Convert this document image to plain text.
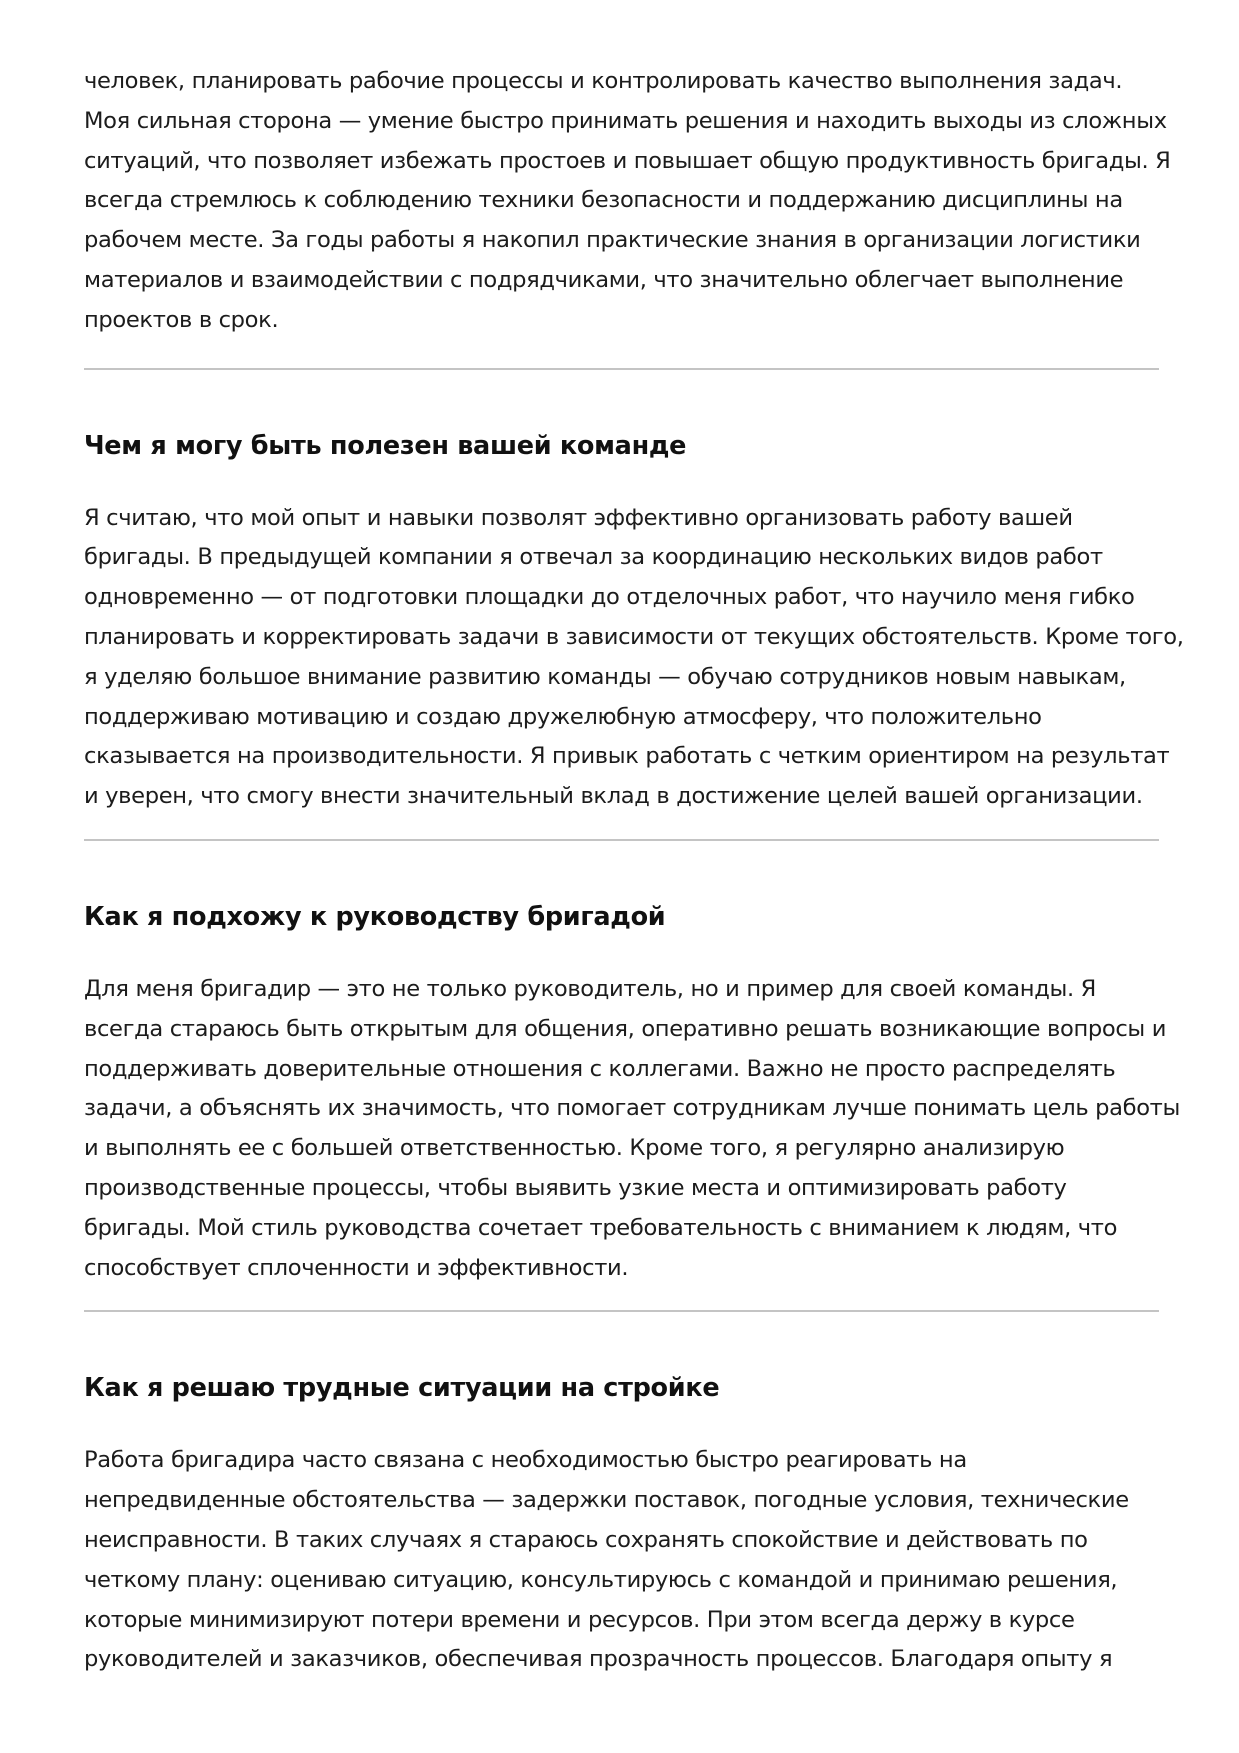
человек, планировать рабочие процессы и контролировать качество выполнения задач.
Моя сильная сторона — умение быстро принимать решения и находить выходы из сложных
ситуаций, что позволяет избежать простоев и повышает общую продуктивность бригады. Я
всегда стремлюсь к соблюдению техники безопасности и поддержанию дисциплины на
рабочем месте. За годы работы я накопил практические знания в организации логистики
материалов и взаимодействии с подрядчиками, что значительно облегчает выполнение
проектов в срок.
Чем я могу быть полезен вашей команде
Я считаю, что мой опыт и навыки позволят эффективно организовать работу вашей
бригады. В предыдущей компании я отвечал за координацию нескольких видов работ
одновременно — от подготовки площадки до отделочных работ, что научило меня гибко
планировать и корректировать задачи в зависимости от текущих обстоятельств. Кроме того,
я уделяю большое внимание развитию команды — обучаю сотрудников новым навыкам,
поддерживаю мотивацию и создаю дружелюбную атмосферу, что положительно
сказывается на производительности. Я привык работать с четким ориентиром на результат
и уверен, что смогу внести значительный вклад в достижение целей вашей организации.
Как я подхожу к руководству бригадой
Для меня бригадир — это не только руководитель, но и пример для своей команды. Я
всегда стараюсь быть открытым для общения, оперативно решать возникающие вопросы и
поддерживать доверительные отношения с коллегами. Важно не просто распределять
задачи, а объяснять их значимость, что помогает сотрудникам лучше понимать цель работы
и выполнять ее с большей ответственностью. Кроме того, я регулярно анализирую
производственные процессы, чтобы выявить узкие места и оптимизировать работу
бригады. Мой стиль руководства сочетает требовательность с вниманием к людям, что
способствует сплоченности и эффективности.
Как я решаю трудные ситуации на стройке
Работа бригадира часто связана с необходимостью быстро реагировать на
непредвиденные обстоятельства — задержки поставок, погодные условия, технические
неисправности. В таких случаях я стараюсь сохранять спокойствие и действовать по
четкому плану: оцениваю ситуацию, консультируюсь с командой и принимаю решения,
которые минимизируют потери времени и ресурсов. При этом всегда держу в курсе
руководителей и заказчиков, обеспечивая прозрачность процессов. Благодаря опыту я
